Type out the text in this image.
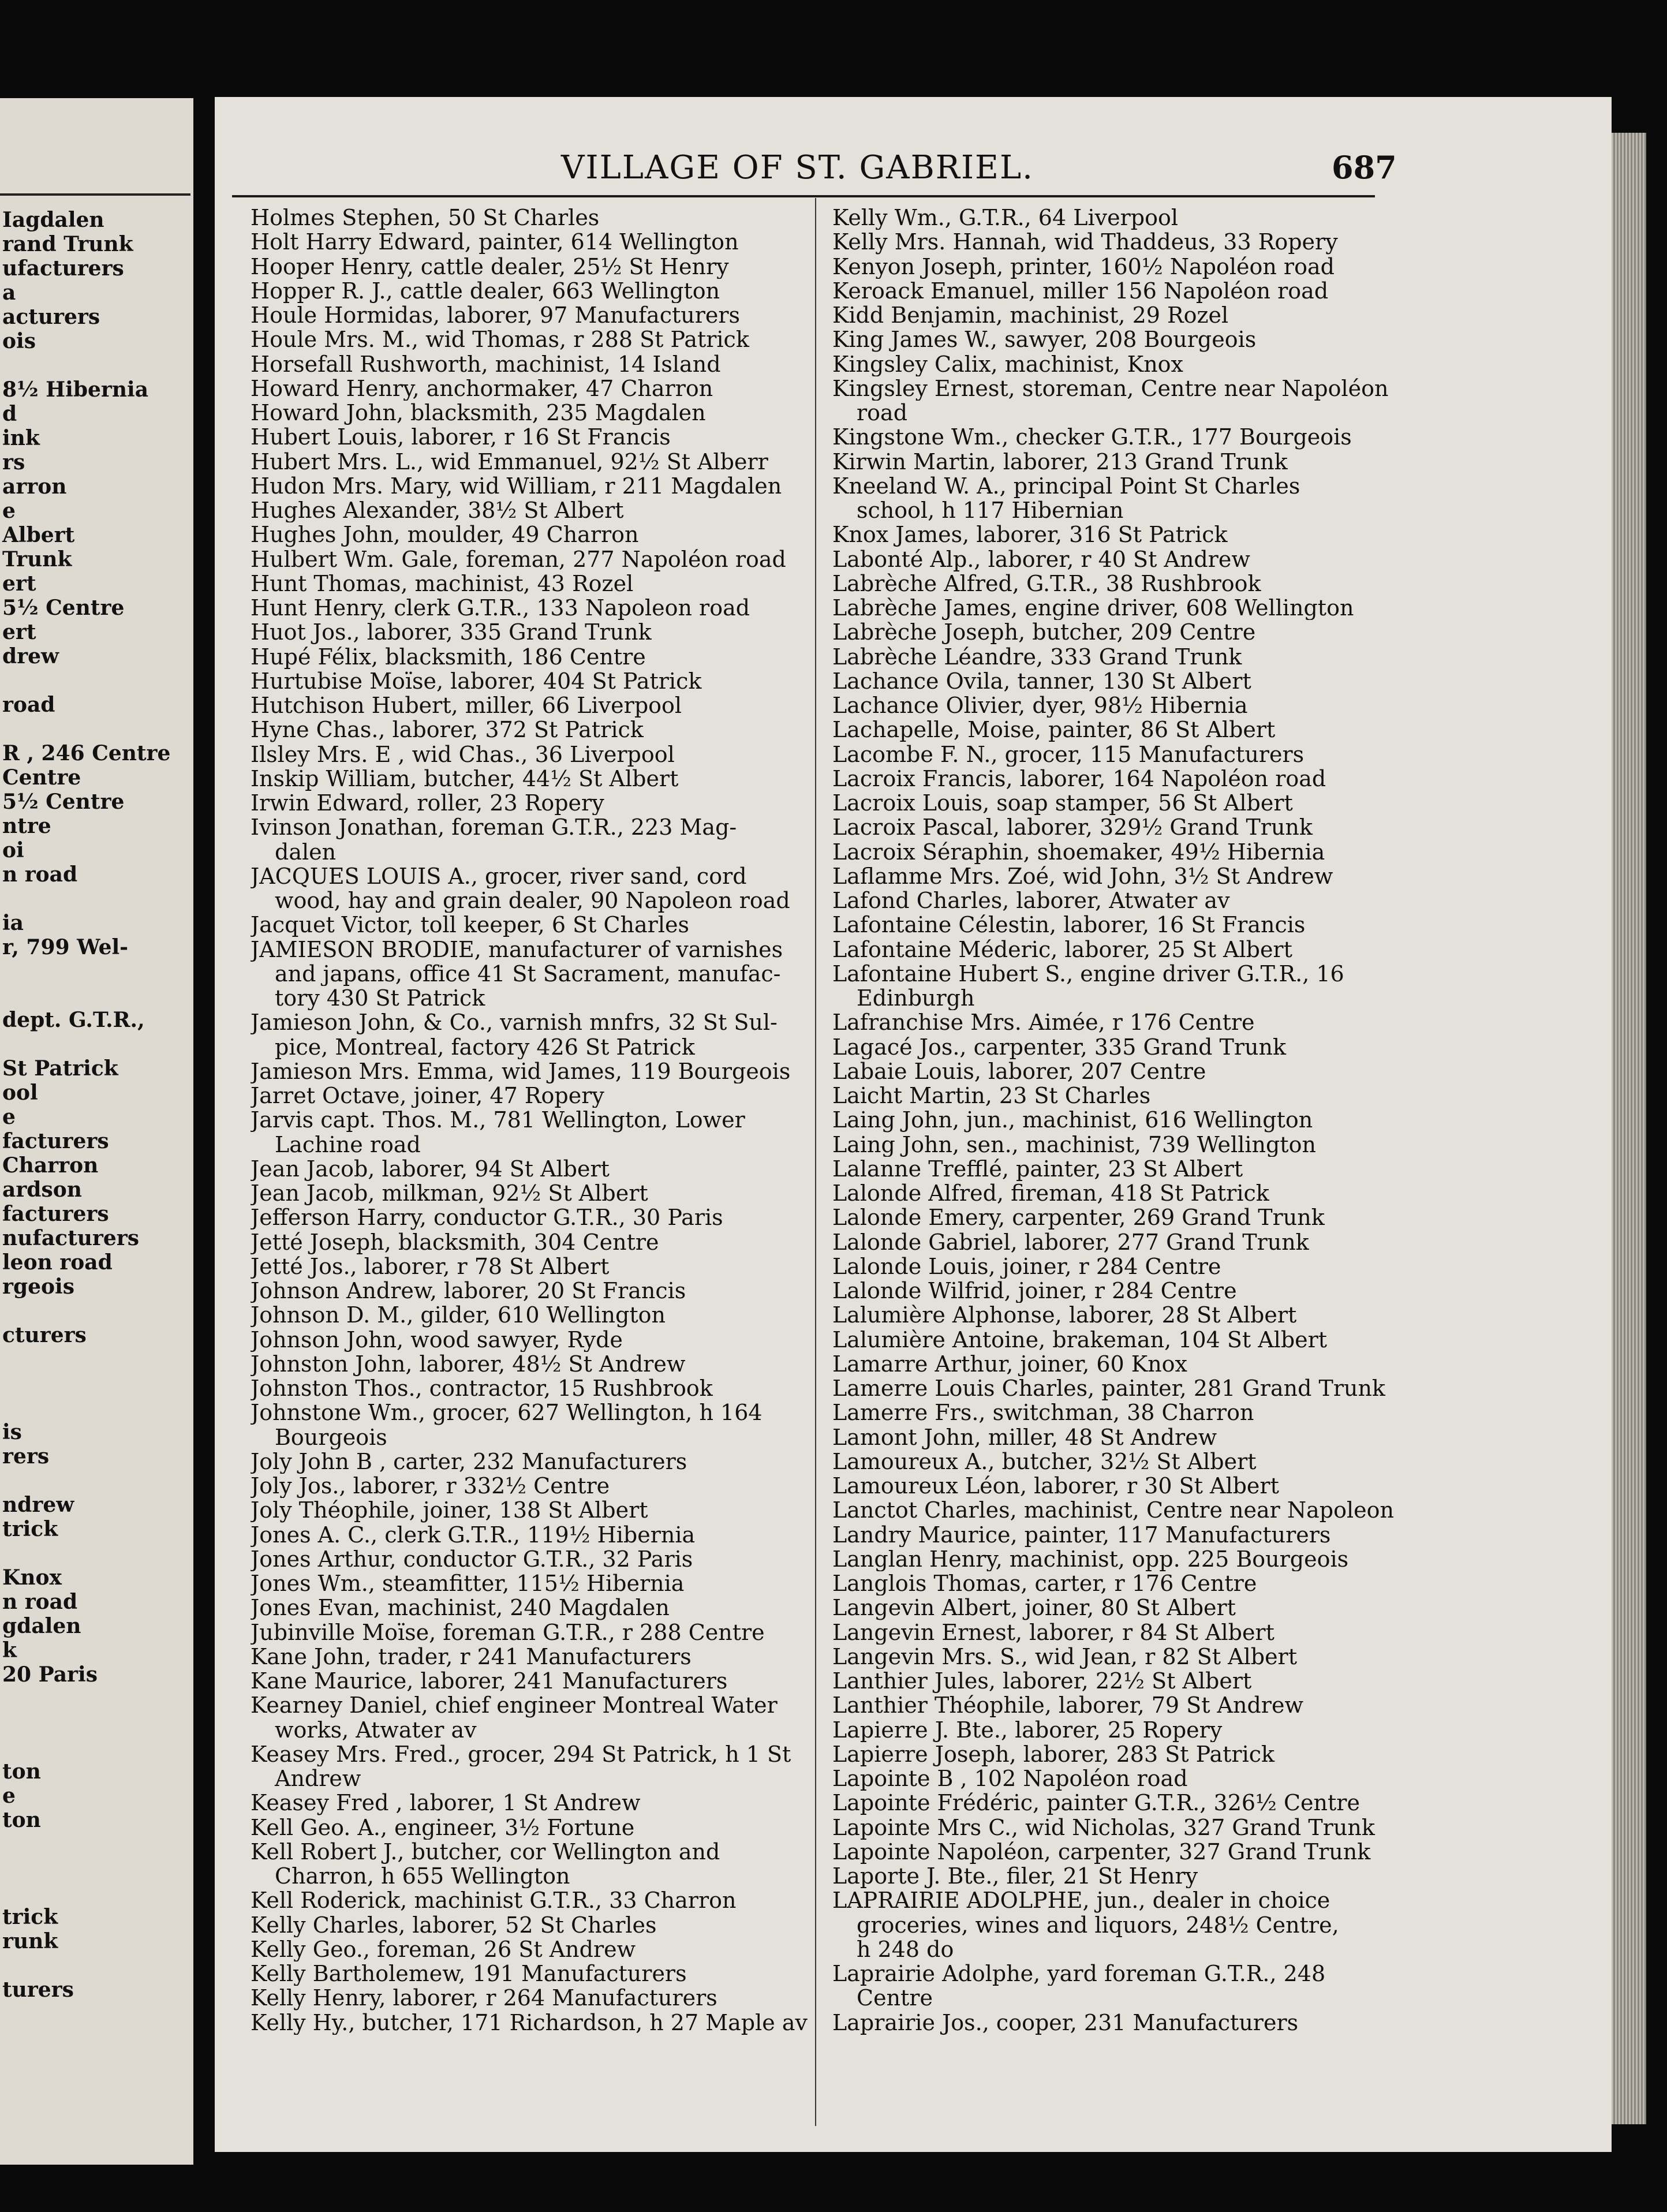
Iagdalen
rand Trunk
ufacturers
a
acturers
ois
8½ Hibernia
d
ink
rs
arron
e
Albert
Trunk
ert
5½ Centre
ert
drew
road
R , 246 Centre
Centre
5½ Centre
ntre
oi
n road
ia
r, 799 Wel-
dept. G.T.R.,
St Patrick
ool
e
facturers
Charron
ardson
facturers
nufacturers
leon road
rgeois
cturers
is
rers
ndrew
trick
Knox
n road
gdalen
k
20 Paris
ton
e
ton
trick
runk
turers
VILLAGE OF ST. GABRIEL.	687
Holmes Stephen, 50 St Charles
Holt Harry Edward, painter, 614 Wellington
Hooper Henry, cattle dealer, 25½ St Henry
Hopper R. J., cattle dealer, 663 Wellington
Houle Hormidas, laborer, 97 Manufacturers
Houle Mrs. M., wid Thomas, r 288 St Patrick
Horsefall Rushworth, machinist, 14 Island
Howard Henry, anchormaker, 47 Charron
Howard John, blacksmith, 235 Magdalen
Hubert Louis, laborer, r 16 St Francis
Hubert Mrs. L., wid Emmanuel, 92½ St Alberr
Hudon Mrs. Mary, wid William, r 211 Magdalen
Hughes Alexander, 38½ St Albert
Hughes John, moulder, 49 Charron
Hulbert Wm. Gale, foreman, 277 Napoléon road
Hunt Thomas, machinist, 43 Rozel
Hunt Henry, clerk G.T.R., 133 Napoleon road
Huot Jos., laborer, 335 Grand Trunk
Hupé Félix, blacksmith, 186 Centre
Hurtubise Moïse, laborer, 404 St Patrick
Hutchison Hubert, miller, 66 Liverpool
Hyne Chas., laborer, 372 St Patrick
Ilsley Mrs. E , wid Chas., 36 Liverpool
Inskip William, butcher, 44½ St Albert
Irwin Edward, roller, 23 Ropery
Ivinson Jonathan, foreman G.T.R., 223 Mag-
dalen
JACQUES LOUIS A., grocer, river sand, cord
wood, hay and grain dealer, 90 Napoleon road
Jacquet Victor, toll keeper, 6 St Charles
JAMIESON BRODIE, manufacturer of varnishes
and japans, office 41 St Sacrament, manufac-
tory 430 St Patrick
Jamieson John, & Co., varnish mnfrs, 32 St Sul-
pice, Montreal, factory 426 St Patrick
Jamieson Mrs. Emma, wid James, 119 Bourgeois
Jarret Octave, joiner, 47 Ropery
Jarvis capt. Thos. M., 781 Wellington, Lower
Lachine road
Jean Jacob, laborer, 94 St Albert
Jean Jacob, milkman, 92½ St Albert
Jefferson Harry, conductor G.T.R., 30 Paris
Jetté Joseph, blacksmith, 304 Centre
Jetté Jos., laborer, r 78 St Albert
Johnson Andrew, laborer, 20 St Francis
Johnson D. M., gilder, 610 Wellington
Johnson John, wood sawyer, Ryde
Johnston John, laborer, 48½ St Andrew
Johnston Thos., contractor, 15 Rushbrook
Johnstone Wm., grocer, 627 Wellington, h 164
Bourgeois
Joly John B , carter, 232 Manufacturers
Joly Jos., laborer, r 332½ Centre
Joly Théophile, joiner, 138 St Albert
Jones A. C., clerk G.T.R., 119½ Hibernia
Jones Arthur, conductor G.T.R., 32 Paris
Jones Wm., steamfitter, 115½ Hibernia
Jones Evan, machinist, 240 Magdalen
Jubinville Moïse, foreman G.T.R., r 288 Centre
Kane John, trader, r 241 Manufacturers
Kane Maurice, laborer, 241 Manufacturers
Kearney Daniel, chief engineer Montreal Water
works, Atwater av
Keasey Mrs. Fred., grocer, 294 St Patrick, h 1 St
Andrew
Keasey Fred , laborer, 1 St Andrew
Kell Geo. A., engineer, 3½ Fortune
Kell Robert J., butcher, cor Wellington and
Charron, h 655 Wellington
Kell Roderick, machinist G.T.R., 33 Charron
Kelly Charles, laborer, 52 St Charles
Kelly Geo., foreman, 26 St Andrew
Kelly Bartholemew, 191 Manufacturers
Kelly Henry, laborer, r 264 Manufacturers
Kelly Hy., butcher, 171 Richardson, h 27 Maple av
Kelly Wm., G.T.R., 64 Liverpool
Kelly Mrs. Hannah, wid Thaddeus, 33 Ropery
Kenyon Joseph, printer, 160½ Napoléon road
Keroack Emanuel, miller 156 Napoléon road
Kidd Benjamin, machinist, 29 Rozel
King James W., sawyer, 208 Bourgeois
Kingsley Calix, machinist, Knox
Kingsley Ernest, storeman, Centre near Napoléon
road
Kingstone Wm., checker G.T.R., 177 Bourgeois
Kirwin Martin, laborer, 213 Grand Trunk
Kneeland W. A., principal Point St Charles
school, h 117 Hibernian
Knox James, laborer, 316 St Patrick
Labonté Alp., laborer, r 40 St Andrew
Labrèche Alfred, G.T.R., 38 Rushbrook
Labrèche James, engine driver, 608 Wellington
Labrèche Joseph, butcher, 209 Centre
Labrèche Léandre, 333 Grand Trunk
Lachance Ovila, tanner, 130 St Albert
Lachance Olivier, dyer, 98½ Hibernia
Lachapelle, Moise, painter, 86 St Albert
Lacombe F. N., grocer, 115 Manufacturers
Lacroix Francis, laborer, 164 Napoléon road
Lacroix Louis, soap stamper, 56 St Albert
Lacroix Pascal, laborer, 329½ Grand Trunk
Lacroix Séraphin, shoemaker, 49½ Hibernia
Laflamme Mrs. Zoé, wid John, 3½ St Andrew
Lafond Charles, laborer, Atwater av
Lafontaine Célestin, laborer, 16 St Francis
Lafontaine Méderic, laborer, 25 St Albert
Lafontaine Hubert S., engine driver G.T.R., 16
Edinburgh
Lafranchise Mrs. Aimée, r 176 Centre
Lagacé Jos., carpenter, 335 Grand Trunk
Labaie Louis, laborer, 207 Centre
Laicht Martin, 23 St Charles
Laing John, jun., machinist, 616 Wellington
Laing John, sen., machinist, 739 Wellington
Lalanne Trefflé, painter, 23 St Albert
Lalonde Alfred, fireman, 418 St Patrick
Lalonde Emery, carpenter, 269 Grand Trunk
Lalonde Gabriel, laborer, 277 Grand Trunk
Lalonde Louis, joiner, r 284 Centre
Lalonde Wilfrid, joiner, r 284 Centre
Lalumière Alphonse, laborer, 28 St Albert
Lalumière Antoine, brakeman, 104 St Albert
Lamarre Arthur, joiner, 60 Knox
Lamerre Louis Charles, painter, 281 Grand Trunk
Lamerre Frs., switchman, 38 Charron
Lamont John, miller, 48 St Andrew
Lamoureux A., butcher, 32½ St Albert
Lamoureux Léon, laborer, r 30 St Albert
Lanctot Charles, machinist, Centre near Napoleon
Landry Maurice, painter, 117 Manufacturers
Langlan Henry, machinist, opp. 225 Bourgeois
Langlois Thomas, carter, r 176 Centre
Langevin Albert, joiner, 80 St Albert
Langevin Ernest, laborer, r 84 St Albert
Langevin Mrs. S., wid Jean, r 82 St Albert
Lanthier Jules, laborer, 22½ St Albert
Lanthier Théophile, laborer, 79 St Andrew
Lapierre J. Bte., laborer, 25 Ropery
Lapierre Joseph, laborer, 283 St Patrick
Lapointe B , 102 Napoléon road
Lapointe Frédéric, painter G.T.R., 326½ Centre
Lapointe Mrs C., wid Nicholas, 327 Grand Trunk
Lapointe Napoléon, carpenter, 327 Grand Trunk
Laporte J. Bte., filer, 21 St Henry
LAPRAIRIE ADOLPHE, jun., dealer in choice
groceries, wines and liquors, 248½ Centre,
h 248 do
Laprairie Adolphe, yard foreman G.T.R., 248
Centre
Laprairie Jos., cooper, 231 Manufacturers
